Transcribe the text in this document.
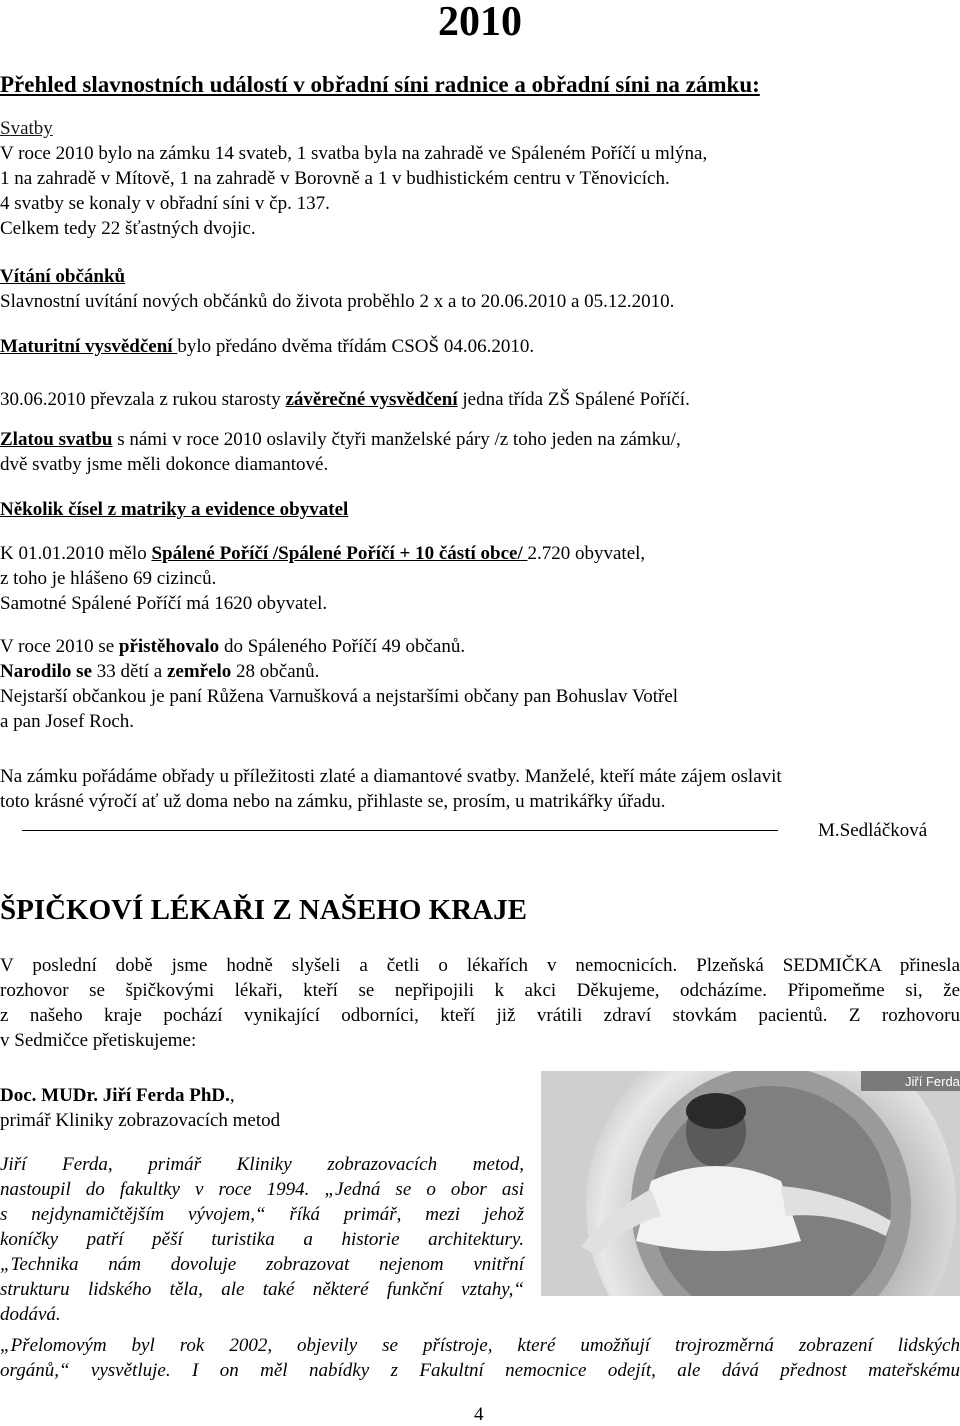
2010
Přehled slavnostních událostí v obřadní síni radnice a obřadní síni na zámku:
Svatby
V roce 2010 bylo na zámku 14 svateb, 1 svatba byla na zahradě ve Spáleném Poříčí u mlýna,
1 na zahradě v Mítově, 1 na zahradě v Borovně a 1 v budhistickém centru v Těnovicích.
4 svatby se konaly v obřadní síni v čp. 137.
Celkem tedy 22 šťastných dvojic.
Vítání občánků
Slavnostní uvítání nových občánků do života proběhlo 2 x a to 20.06.2010 a 05.12.2010.
Maturitní vysvědčení bylo předáno dvěma třídám CSOŠ 04.06.2010.
30.06.2010 převzala z rukou starosty závěrečné vysvědčení jedna třída ZŠ Spálené Poříčí.
Zlatou svatbu s námi v roce 2010 oslavily čtyři manželské páry /z toho jeden na zámku/,
dvě svatby jsme měli dokonce diamantové.
Několik čísel z matriky a evidence obyvatel
K 01.01.2010 mělo Spálené Poříčí /Spálené Poříčí + 10 částí obce/ 2.720 obyvatel,
z toho je hlášeno 69 cizinců.
Samotné Spálené Poříčí má 1620 obyvatel.
V roce 2010 se přistěhovalo do Spáleného Poříčí 49 občanů.
Narodilo se 33 dětí a zemřelo 28 občanů.
Nejstarší občankou je paní Růžena Varnušková a nejstaršími občany pan Bohuslav Votřel
a pan Josef Roch.
Na zámku pořádáme obřady u příležitosti zlaté a diamantové svatby. Manželé, kteří máte zájem oslavit
toto krásné výročí ať už doma nebo na zámku, přihlaste se, prosím, u matrikářky úřadu.
M.Sedláčková
ŠPIČKOVÍ LÉKAŘI Z NAŠEHO KRAJE
V poslední době jsme hodně slyšeli a četli o lékařích v nemocnicích. Plzeňská SEDMIČKA přinesla
rozhovor se špičkovými lékaři, kteří se nepřipojili k akci Děkujeme, odcházíme. Připomeňme si, že
z našeho kraje pochází vynikající odborníci, kteří již vrátili zdraví stovkám pacientů. Z rozhovoru
v Sedmičce přetiskujeme:
Doc. MUDr. Jiří Ferda PhD.,
primář Kliniky zobrazovacích metod
Jiří Ferda, primář Kliniky zobrazovacích metod,
nastoupil do fakultky v roce 1994. „Jedná se o obor asi
s nejdynamičtějším vývojem,“ říká primář, mezi jehož
koníčky patří pěší turistika a historie architektury.
„Technika nám dovoluje zobrazovat nejenom vnitřní
strukturu lidského těla, ale také některé funkční vztahy,“
dodává.
„Přelomovým byl rok 2002, objevily se přístroje, které umožňují trojrozměrná zobrazení lidských
orgánů,“ vysvětluje. I on měl nabídky z Fakultní nemocnice odejít, ale dává přednost mateřskému
Jiří Ferda
4
